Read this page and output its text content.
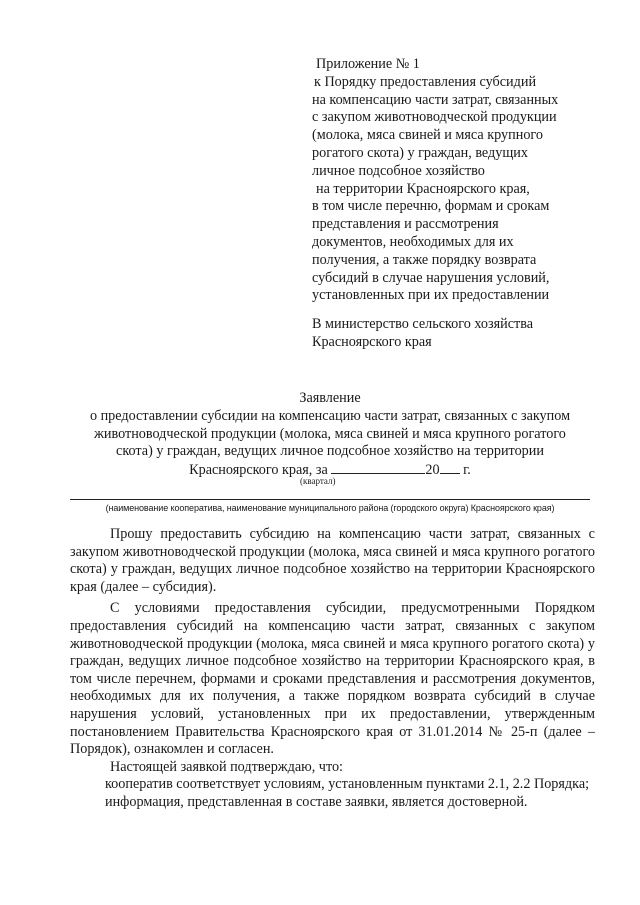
Приложение № 1
к Порядку предоставления субсидий
на компенсацию части затрат, связанных
с закупом животноводческой продукции
(молока, мяса свиней и мяса крупного
рогатого скота) у граждан, ведущих
личное подсобное хозяйство
на территории Красноярского края,
в том числе перечню, формам и срокам
представления и рассмотрения
документов, необходимых для их
получения, а также порядку возврата
субсидий в случае нарушения условий,
установленных при их предоставлении
В министерство сельского хозяйства
Красноярского края
Заявление
о предоставлении субсидии на компенсацию части затрат, связанных с закупом
животноводческой продукции (молока, мяса свиней и мяса крупного рогатого
скота) у граждан, ведущих личное подсобное хозяйство на территории
Красноярского края, за	20 г.
(квартал)
(наименование кооператива, наименование муниципального района (городского округа) Красноярского края)

Прошу предоставить субсидию на компенсацию части затрат, связанных с закупом животноводческой продукции (молока, мяса свиней и мяса крупного рогатого скота) у граждан, ведущих личное подсобное хозяйство на территории Красноярского края (далее – субсидия).

С условиями предоставления субсидии, предусмотренными Порядком предоставления субсидий на компенсацию части затрат, связанных с закупом животноводческой продукции (молока, мяса свиней и мяса крупного рогатого скота) у граждан, ведущих личное подсобное хозяйство на территории Красноярского края, в том числе перечнем, формами и сроками представления и рассмотрения документов, необходимых для их получения, а также порядком возврата субсидий в случае нарушения условий, установленных при их предоставлении, утвержденным постановлением Правительства Красноярского края от 31.01.2014 № 25-п (далее – Порядок), ознакомлен и согласен.

Настоящей заявкой подтверждаю, что:

кооператив соответствует условиям, установленным пунктами 2.1, 2.2 Порядка;

информация, представленная в составе заявки, является достоверной.
